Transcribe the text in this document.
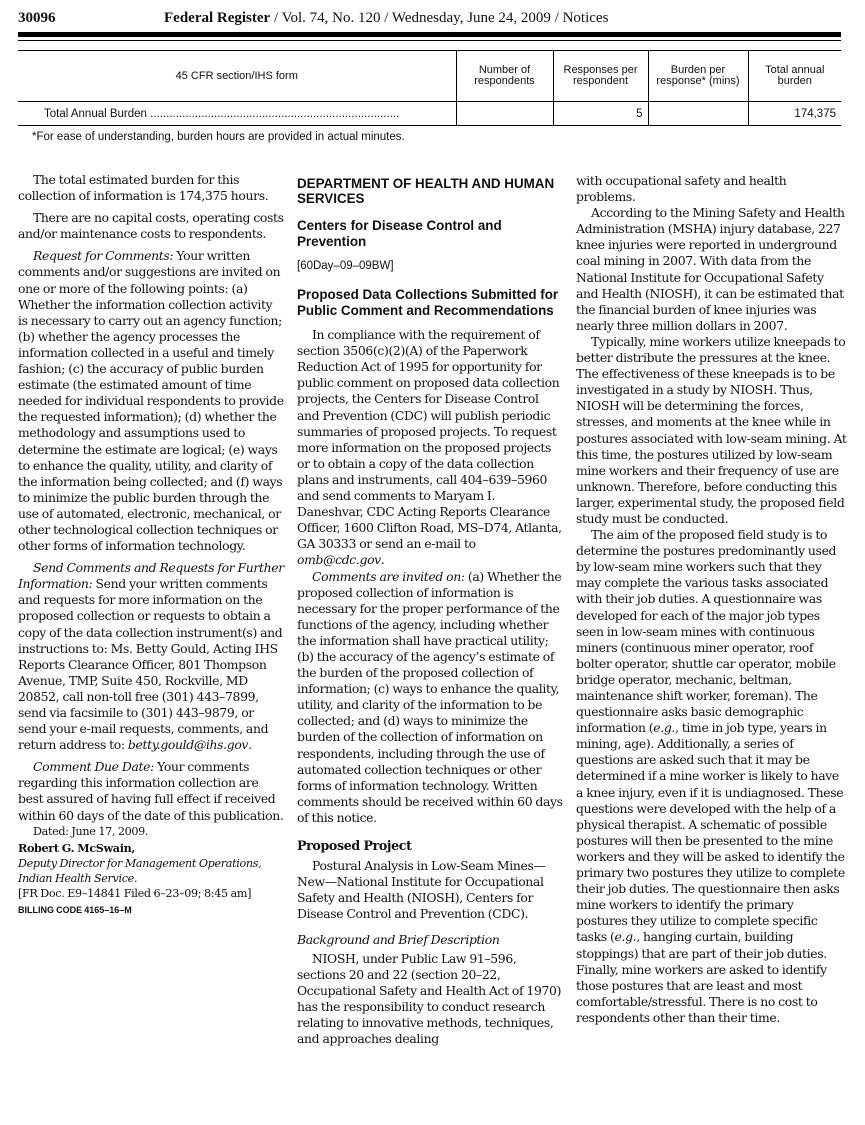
30096	Federal Register / Vol. 74, No. 120 / Wednesday, June 24, 2009 / Notices
45 CFR section/IHS form	Number of respondents	Responses per respondent	Burden per response* (mins)	Total annual burden
Total Annual Burden ..............................................................................		5		174,375
*For ease of understanding, burden hours are provided in actual minutes.

The total estimated burden for this collection of information is 174,375 hours.

There are no capital costs, operating costs and/or maintenance costs to respondents.

Request for Comments: Your written comments and/or suggestions are invited on one or more of the following points: (a) Whether the information collection activity is necessary to carry out an agency function; (b) whether the agency processes the information collected in a useful and timely fashion; (c) the accuracy of public burden estimate (the estimated amount of time needed for individual respondents to provide the requested information); (d) whether the methodology and assumptions used to determine the estimate are logical; (e) ways to enhance the quality, utility, and clarity of the information being collected; and (f) ways to minimize the public burden through the use of automated, electronic, mechanical, or other technological collection techniques or other forms of information technology.

Send Comments and Requests for Further Information: Send your written comments and requests for more information on the proposed collection or requests to obtain a copy of the data collection instrument(s) and instructions to: Ms. Betty Gould, Acting IHS Reports Clearance Officer, 801 Thompson Avenue, TMP, Suite 450, Rockville, MD 20852, call non-toll free (301) 443–7899, send via facsimile to (301) 443–9879, or send your e-mail requests, comments, and return address to: betty.gould@ihs.gov.

Comment Due Date: Your comments regarding this information collection are best assured of having full effect if received within 60 days of the date of this publication.

Dated: June 17, 2009.

Robert G. McSwain,

Deputy Director for Management Operations, Indian Health Service.

[FR Doc. E9–14841 Filed 6–23–09; 8:45 am]

BILLING CODE 4165–16–M

DEPARTMENT OF HEALTH AND HUMAN SERVICES
Centers for Disease Control and Prevention
[60Day–09–09BW]
Proposed Data Collections Submitted for Public Comment and Recommendations

In compliance with the requirement of section 3506(c)(2)(A) of the Paperwork Reduction Act of 1995 for opportunity for public comment on proposed data collection projects, the Centers for Disease Control and Prevention (CDC) will publish periodic summaries of proposed projects. To request more information on the proposed projects or to obtain a copy of the data collection plans and instruments, call 404–639–5960 and send comments to Maryam I. Daneshvar, CDC Acting Reports Clearance Officer, 1600 Clifton Road, MS–D74, Atlanta, GA 30333 or send an e-mail to omb@cdc.gov.

Comments are invited on: (a) Whether the proposed collection of information is necessary for the proper performance of the functions of the agency, including whether the information shall have practical utility; (b) the accuracy of the agency’s estimate of the burden of the proposed collection of information; (c) ways to enhance the quality, utility, and clarity of the information to be collected; and (d) ways to minimize the burden of the collection of information on respondents, including through the use of automated collection techniques or other forms of information technology. Written comments should be received within 60 days of this notice.

Proposed Project

Postural Analysis in Low-Seam Mines—New—National Institute for Occupational Safety and Health (NIOSH), Centers for Disease Control and Prevention (CDC).

Background and Brief Description

NIOSH, under Public Law 91–596, sections 20 and 22 (section 20–22, Occupational Safety and Health Act of 1970) has the responsibility to conduct research relating to innovative methods, techniques, and approaches dealing

with occupational safety and health problems.

According to the Mining Safety and Health Administration (MSHA) injury database, 227 knee injuries were reported in underground coal mining in 2007. With data from the National Institute for Occupational Safety and Health (NIOSH), it can be estimated that the financial burden of knee injuries was nearly three million dollars in 2007.

Typically, mine workers utilize kneepads to better distribute the pressures at the knee. The effectiveness of these kneepads is to be investigated in a study by NIOSH. Thus, NIOSH will be determining the forces, stresses, and moments at the knee while in postures associated with low-seam mining. At this time, the postures utilized by low-seam mine workers and their frequency of use are unknown. Therefore, before conducting this larger, experimental study, the proposed field study must be conducted.

The aim of the proposed field study is to determine the postures predominantly used by low-seam mine workers such that they may complete the various tasks associated with their job duties. A questionnaire was developed for each of the major job types seen in low-seam mines with continuous miners (continuous miner operator, roof bolter operator, shuttle car operator, mobile bridge operator, mechanic, beltman, maintenance shift worker, foreman). The questionnaire asks basic demographic information (e.g., time in job type, years in mining, age). Additionally, a series of questions are asked such that it may be determined if a mine worker is likely to have a knee injury, even if it is undiagnosed. These questions were developed with the help of a physical therapist. A schematic of possible postures will then be presented to the mine workers and they will be asked to identify the primary two postures they utilize to complete their job duties. The questionnaire then asks mine workers to identify the primary postures they utilize to complete specific tasks (e.g., hanging curtain, building stoppings) that are part of their job duties. Finally, mine workers are asked to identify those postures that are least and most comfortable/stressful. There is no cost to respondents other than their time.
